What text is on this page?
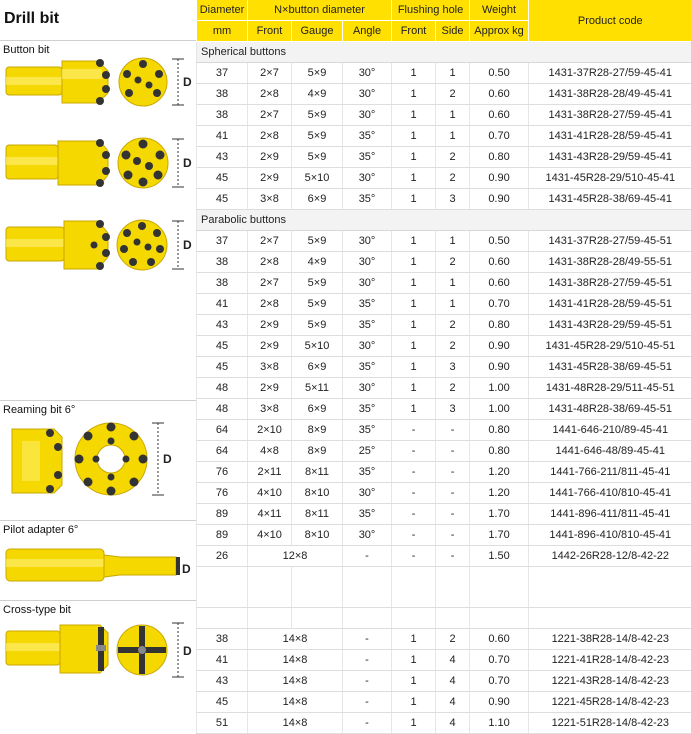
Drill bit
Button bit
D
D
D
Reaming bit 6°
D
Pilot adapter 6°
D
Cross-type bit
D
Diameter	N×button diameter			Flushing hole		Weight	Product code
mm	Front	Gauge	Angle	Front	Side	Approx kg	
Spherical buttons							
37	2×7	5×9	30°	1	1	0.50	1431-37R28-27/59-45-41
38	2×8	4×9	30°	1	2	0.60	1431-38R28-28/49-45-41
38	2×7	5×9	30°	1	1	0.60	1431-38R28-27/59-45-41
41	2×8	5×9	35°	1	1	0.70	1431-41R28-28/59-45-41
43	2×9	5×9	35°	1	2	0.80	1431-43R28-29/59-45-41
45	2×9	5×10	30°	1	2	0.90	1431-45R28-29/510-45-41
45	3×8	6×9	35°	1	3	0.90	1431-45R28-38/69-45-41
Parabolic buttons							
37	2×7	5×9	30°	1	1	0.50	1431-37R28-27/59-45-51
38	2×8	4×9	30°	1	2	0.60	1431-38R28-28/49-55-51
38	2×7	5×9	30°	1	1	0.60	1431-38R28-27/59-45-51
41	2×8	5×9	35°	1	1	0.70	1431-41R28-28/59-45-51
43	2×9	5×9	35°	1	2	0.80	1431-43R28-29/59-45-51
45	2×9	5×10	30°	1	2	0.90	1431-45R28-29/510-45-51
45	3×8	6×9	35°	1	3	0.90	1431-45R28-38/69-45-51
48	2×9	5×11	30°	1	2	1.00	1431-48R28-29/511-45-51
48	3×8	6×9	35°	1	3	1.00	1431-48R28-38/69-45-51
64	2×10	8×9	35°	-	-	0.80	1441-646-210/89-45-41
64	4×8	8×9	25°	-	-	0.80	1441-646-48/89-45-41
76	2×11	8×11	35°	-	-	1.20	1441-766-211/811-45-41
76	4×10	8×10	30°	-	-	1.20	1441-766-410/810-45-41
89	4×11	8×11	35°	-	-	1.70	1441-896-411/811-45-41
89	4×10	8×10	30°	-	-	1.70	1441-896-410/810-45-41
26	12×8		-	-	-	1.50	1442-26R28-12/8-42-22

38	14×8		-	1	2	0.60	1221-38R28-14/8-42-23
41	14×8		-	1	4	0.70	1221-41R28-14/8-42-23
43	14×8		-	1	4	0.70	1221-43R28-14/8-42-23
45	14×8		-	1	4	0.90	1221-45R28-14/8-42-23
51	14×8		-	1	4	1.10	1221-51R28-14/8-42-23
